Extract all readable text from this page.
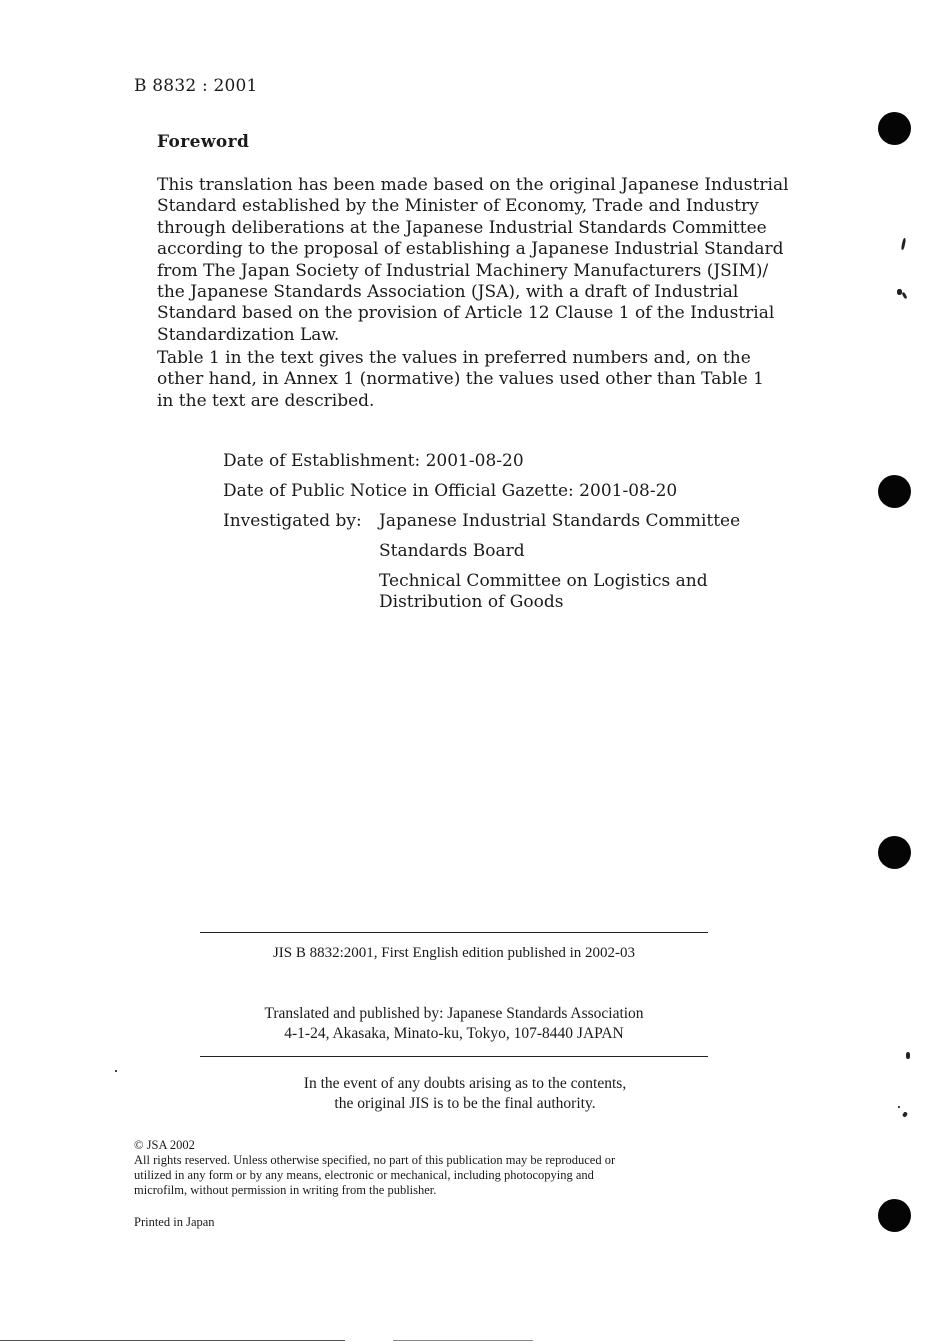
B 8832 : 2001
Foreword

This translation has been made based on the original Japanese Industrial
Standard established by the Minister of Economy, Trade and Industry
through deliberations at the Japanese Industrial Standards Committee
according to the proposal of establishing a Japanese Industrial Standard
from The Japan Society of Industrial Machinery Manufacturers (JSIM)/
the Japanese Standards Association (JSA), with a draft of Industrial
Standard based on the provision of Article 12 Clause 1 of the Industrial
Standardization Law.

Table 1 in the text gives the values in preferred numbers and, on the
other hand, in Annex 1 (normative) the values used other than Table 1
in the text are described.

Date of Establishment: 2001-08-20
Date of Public Notice in Official Gazette: 2001-08-20
Investigated by: Japanese Industrial Standards Committee
Standards Board
Technical Committee on Logistics and
Distribution of Goods
JIS B 8832:2001, First English edition published in 2002-03
Translated and published by: Japanese Standards Association
4-1-24, Akasaka, Minato-ku, Tokyo, 107-8440 JAPAN
In the event of any doubts arising as to the contents,
the original JIS is to be the final authority.
© JSA 2002
All rights reserved. Unless otherwise specified, no part of this publication may be reproduced or
utilized in any form or by any means, electronic or mechanical, including photocopying and
microfilm, without permission in writing from the publisher.
Printed in Japan
